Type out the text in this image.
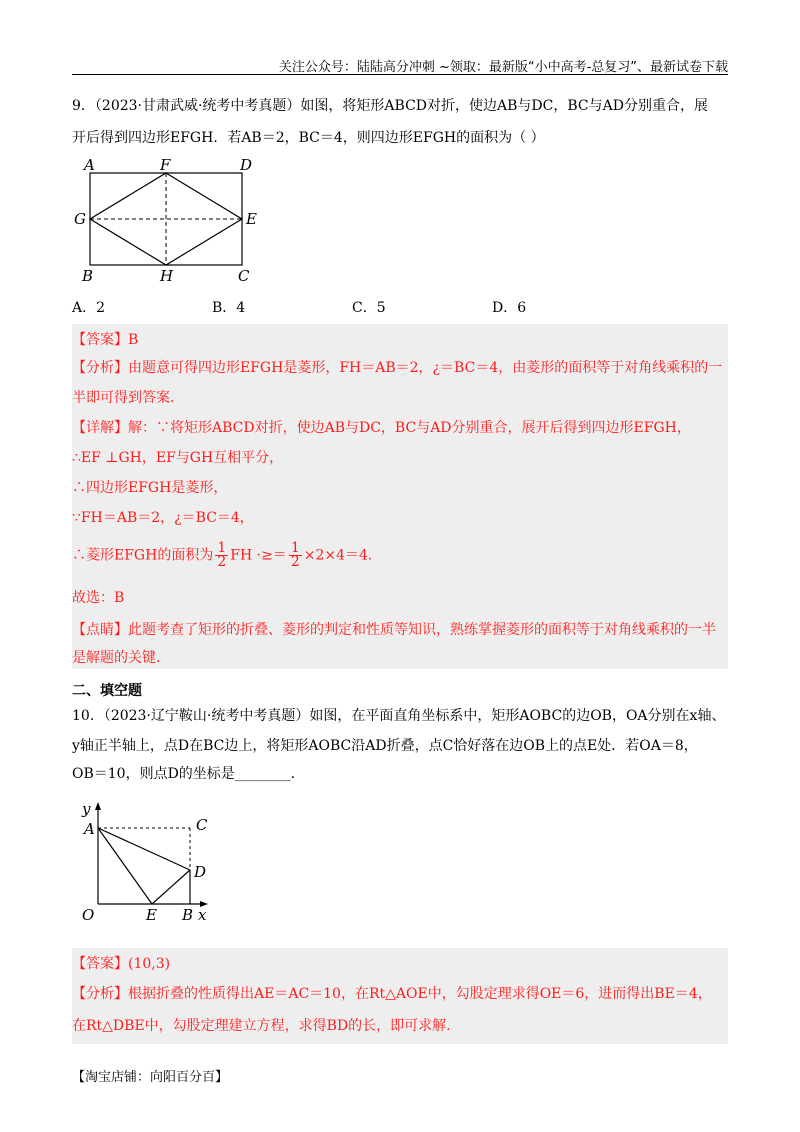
关注公众号：陆陆高分冲刺 ~领取：最新版“小中高考-总复习”、最新试卷下载
9．（2023·甘肃武威·统考中考真题）如图，将矩形ABCD对折，使边AB与DC，BC与AD分别重合，展
开后得到四边形EFGH．若AB＝2，BC＝4，则四边形EFGH的面积为（ ）
A	F	D
G	E
B	H	C
A．2	B．4	C．5	D．6
【答案】B
【分析】由题意可得四边形EFGH是菱形，FH＝AB＝2，¿＝BC＝4，由菱形的面积等于对角线乘积的一
半即可得到答案．
【详解】解：∵将矩形ABCD对折，使边AB与DC，BC与AD分别重合，展开后得到四边形EFGH，
∴EF ⊥GH，EF与GH互相平分，
∴四边形EFGH是菱形，
∵FH＝AB＝2，¿＝BC＝4，
∴菱形EFGH的面积为 $\frac{1}{2}$ FH ·≥＝ $\frac{1}{2} \times 2\times 4=4$．
故选：B
【点睛】此题考查了矩形的折叠、菱形的判定和性质等知识，熟练掌握菱形的面积等于对角线乘积的一半
是解题的关键．
二、填空题
10．（2023·辽宁鞍山·统考中考真题）如图，在平面直角坐标系中，矩形AOBC的边OB，OA分别在x轴、
y轴正半轴上，点D在BC边上，将矩形AOBC沿AD折叠，点C恰好落在边OB上的点E处．若OA＝8，
OB＝10，则点D的坐标是________．
y
A	C
D
O	E B x
【答案】(10,3)
【分析】根据折叠的性质得出AE＝AC＝10，在Rt△AOE中，勾股定理求得OE＝6，进而得出BE＝4，
在Rt△DBE中，勾股定理建立方程，求得BD的长，即可求解．
【淘宝店铺：向阳百分百】
